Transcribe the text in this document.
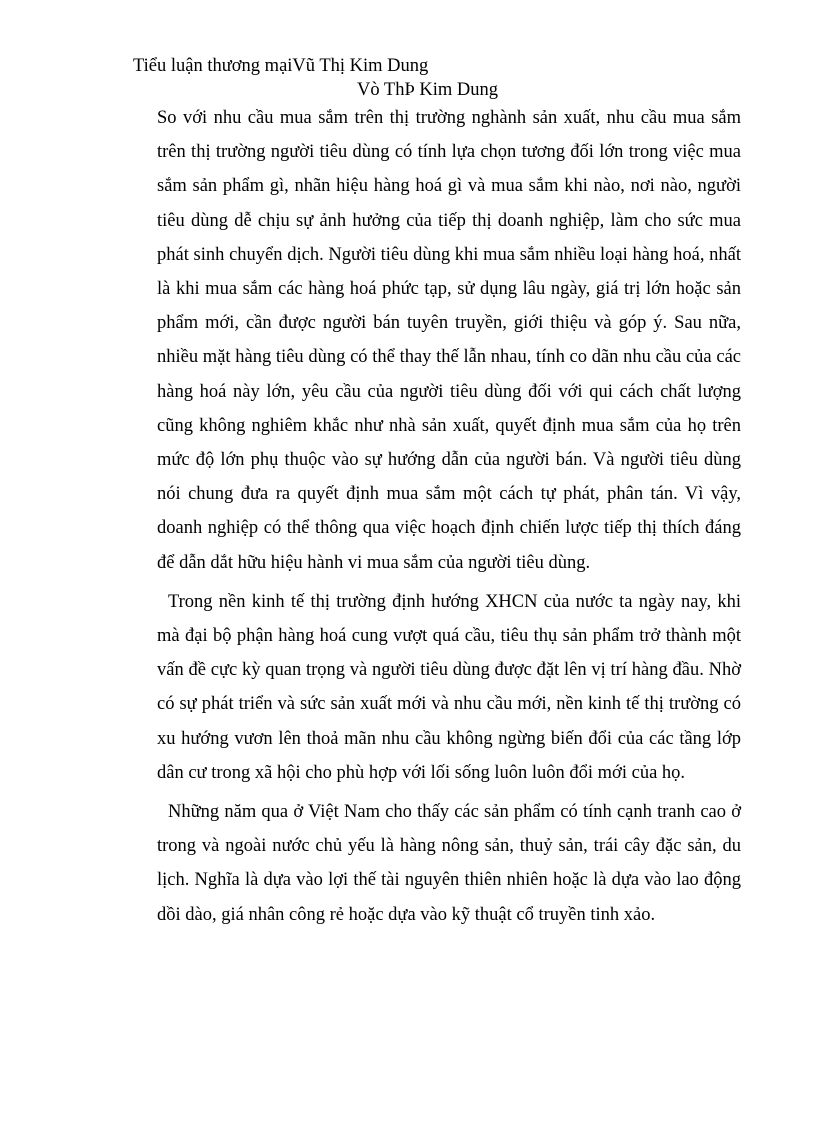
Tiểu luận thương mạiVũ Thị Kim Dung
Vò ThÞ Kim Dung

So với nhu cầu mua sắm trên thị trường nghành sản xuất, nhu cầu mua sắm trên thị trường người tiêu dùng có tính lựa chọn tương đối lớn trong việc mua sắm sản phẩm gì, nhãn hiệu hàng hoá gì và mua sắm khi nào, nơi nào, người tiêu dùng dễ chịu sự ảnh hưởng của tiếp thị doanh nghiệp, làm cho sức mua phát sinh chuyển dịch. Người tiêu dùng khi mua sắm nhiều loại hàng hoá, nhất là khi mua sắm các hàng hoá phức tạp, sử dụng lâu ngày, giá trị lớn hoặc sản phẩm mới, cần được người bán tuyên truyền, giới thiệu và góp ý. Sau nữa, nhiều mặt hàng tiêu dùng có thể thay thế lẫn nhau, tính co dãn nhu cầu của các hàng hoá này lớn, yêu cầu của người tiêu dùng đối với qui cách chất lượng cũng không nghiêm khắc như nhà sản xuất, quyết định mua sắm của họ trên mức độ lớn phụ thuộc vào sự hướng dẫn của người bán. Và người tiêu dùng nói chung đưa ra quyết định mua sắm một cách tự phát, phân tán. Vì vậy, doanh nghiệp có thể thông qua việc hoạch định chiến lược tiếp thị thích đáng để dẫn dắt hữu hiệu hành vi mua sắm của người tiêu dùng.

Trong nền kinh tế thị trường định hướng XHCN của nước ta ngày nay, khi mà đại bộ phận hàng hoá cung vượt quá cầu, tiêu thụ sản phẩm trở thành một vấn đề cực kỳ quan trọng và người tiêu dùng được đặt lên vị trí hàng đầu. Nhờ có sự phát triển và sức sản xuất mới và nhu cầu mới, nền kinh tế thị trường có xu hướng vươn lên thoả mãn nhu cầu không ngừng biến đổi của các tầng lớp dân cư trong xã hội cho phù hợp với lối sống luôn luôn đổi mới của họ.

Những năm qua ở Việt Nam cho thấy các sản phẩm có tính cạnh tranh cao ở trong và ngoài nước chủ yếu là hàng nông sản, thuỷ sản, trái cây đặc sản, du lịch. Nghĩa là dựa vào lợi thế tài nguyên thiên nhiên hoặc là dựa vào lao động dồi dào, giá nhân công rẻ hoặc dựa vào kỹ thuật cổ truyền tinh xảo.
